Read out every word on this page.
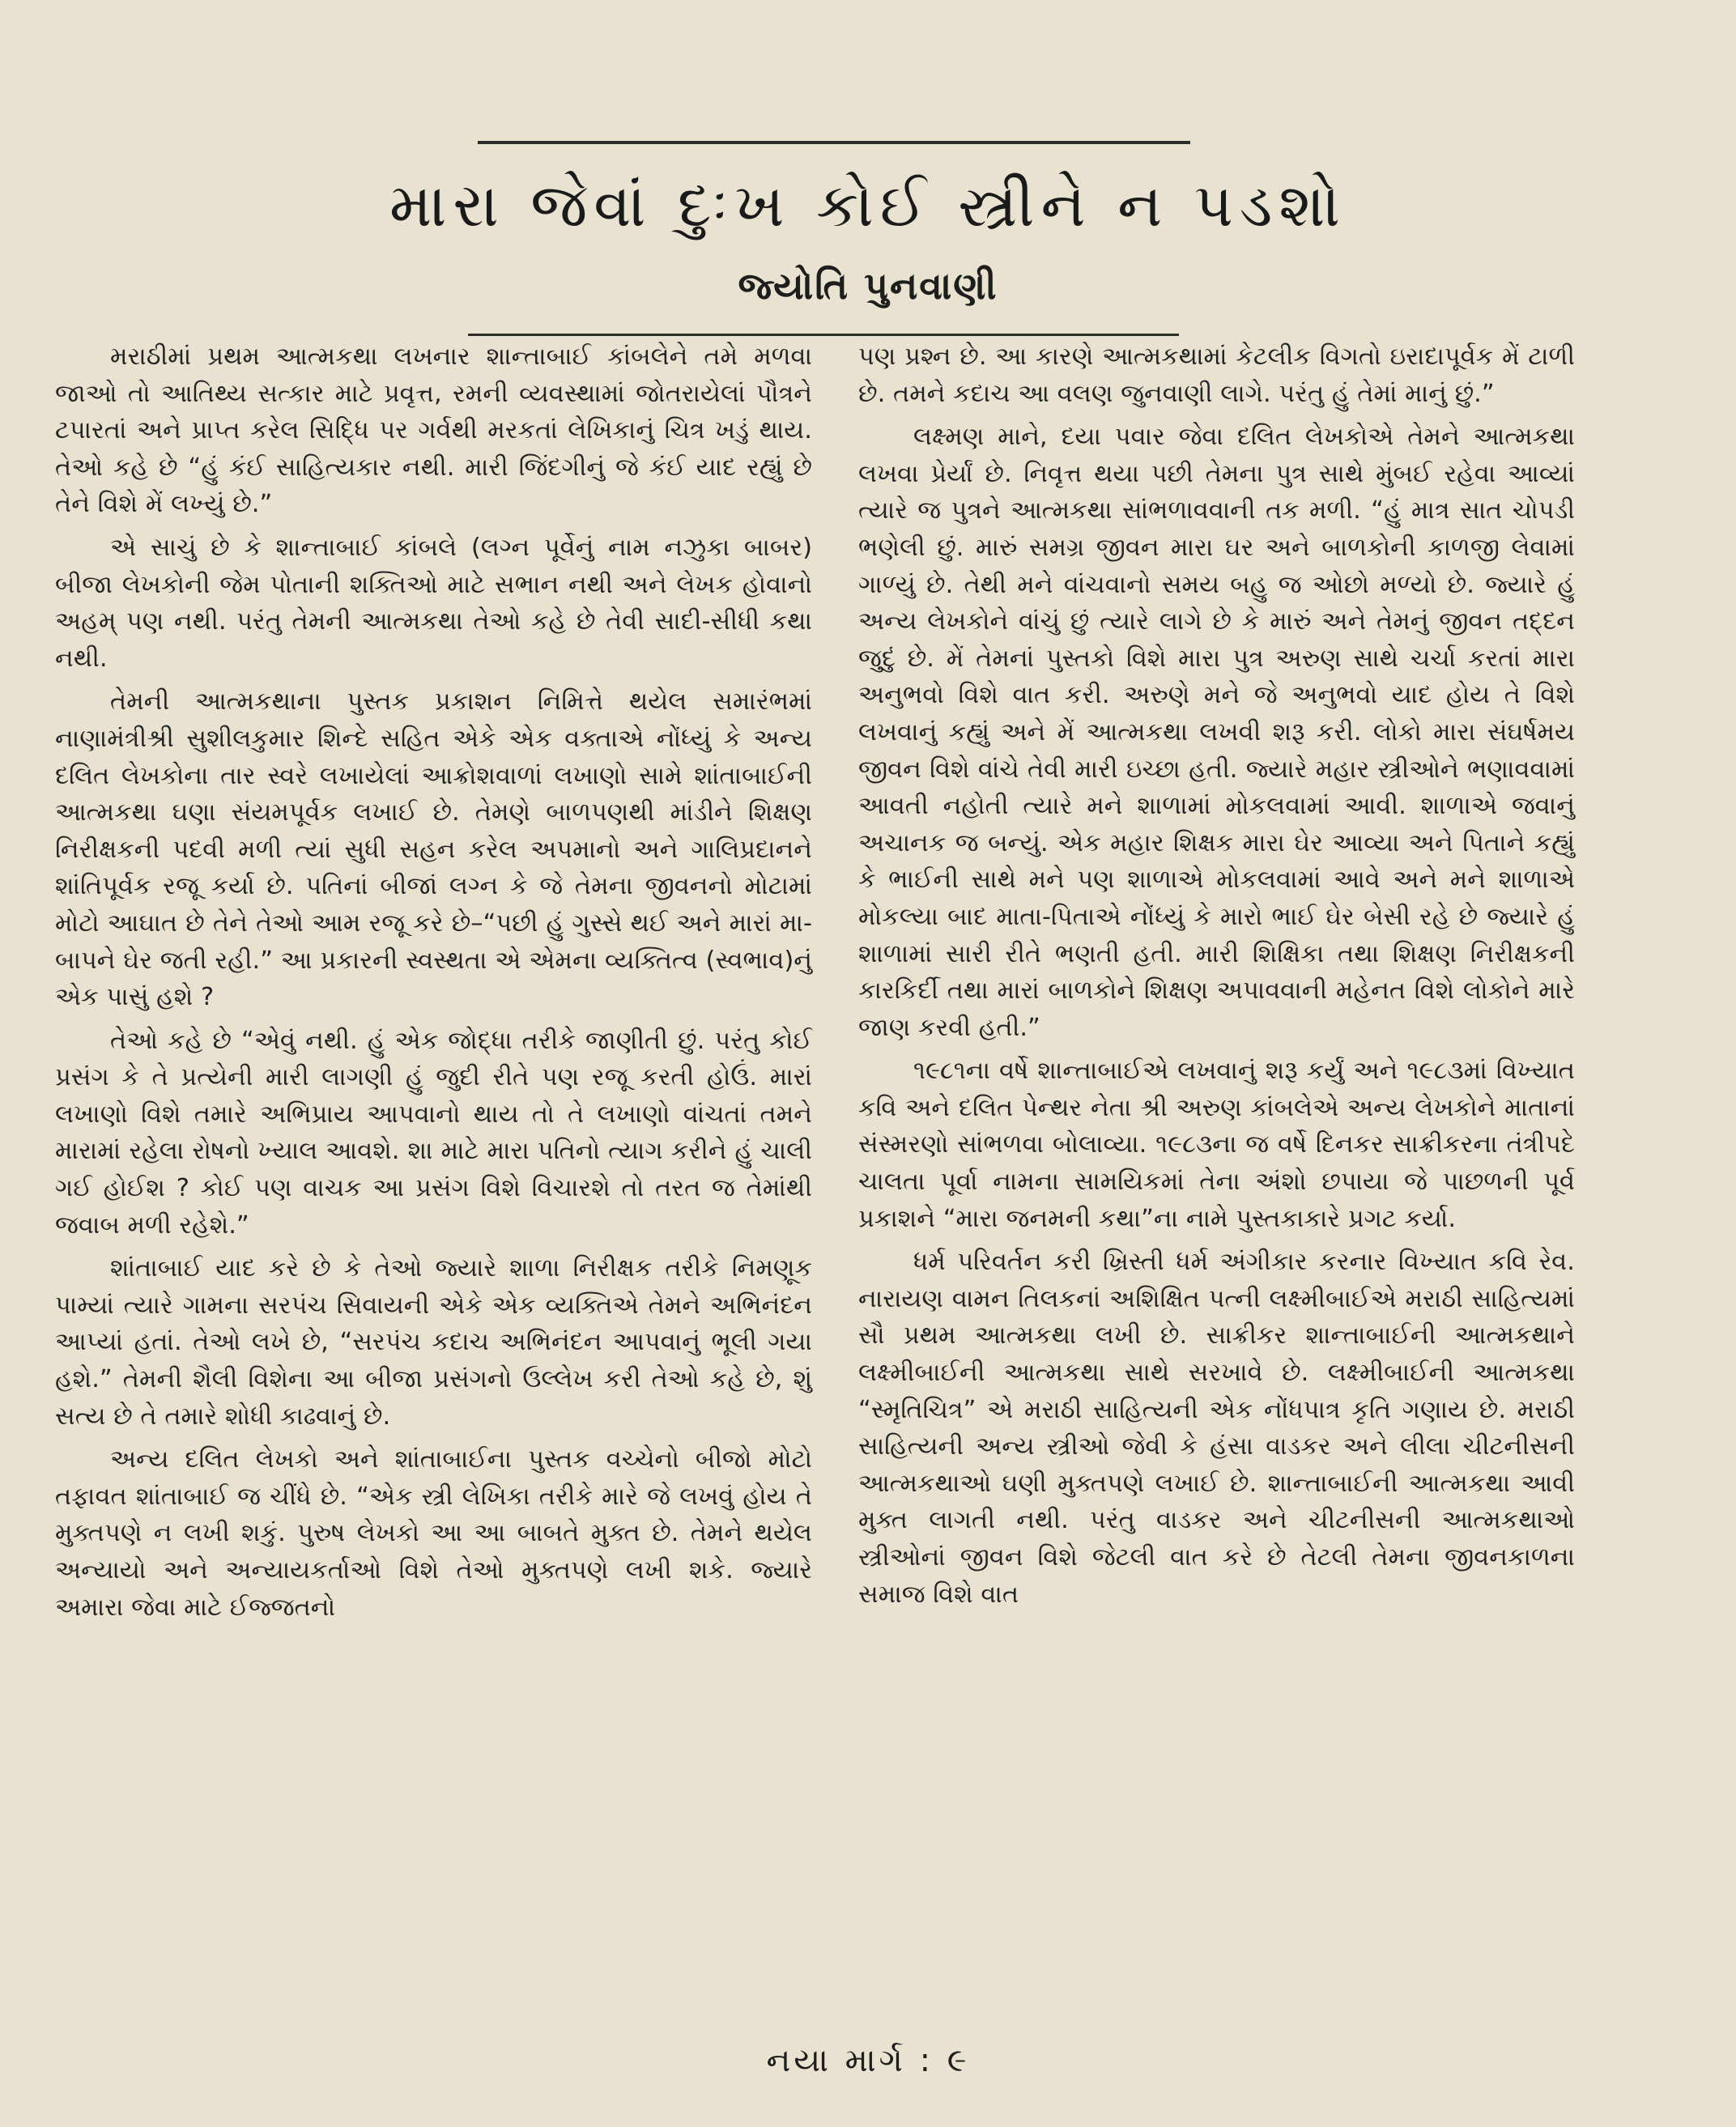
મારા જેવાં દુઃખ કોઈ સ્ત્રીને ન પડશો
જ્યોતિ પુનવાણી

મરાઠીમાં પ્રથમ આત્મકથા લખનાર શાન્તાબાઈ કાંબલેને તમે મળવા જાઓ તો આતિથ્ય સત્કાર માટે પ્રવૃત્ત, રમની વ્યવસ્થામાં જોતરાયેલાં પૌત્રને ટપારતાં અને પ્રાપ્ત કરેલ સિદ્ધિ પર ગર્વથી મરકતાં લેખિકાનું ચિત્ર ખડું થાય. તેઓ કહે છે “હું કંઈ સાહિત્યકાર નથી. મારી જિંદગીનું જે કંઈ યાદ રહ્યું છે તેને વિશે મેં લખ્યું છે.”

એ સાચું છે કે શાન્તાબાઈ કાંબલે (લગ્ન પૂર્વેનું નામ નઝુકા બાબર) બીજા લેખકોની જેમ પોતાની શક્તિઓ માટે સભાન નથી અને લેખક હોવાનો અહમ્ પણ નથી. પરંતુ તેમની આત્મકથા તેઓ કહે છે તેવી સાદી-સીધી કથા નથી.

તેમની આત્મકથાના પુસ્તક પ્રકાશન નિમિત્તે થયેલ સમારંભમાં નાણામંત્રીશ્રી સુશીલકુમાર શિન્દે સહિત એકે એક વક્તાએ નોંધ્યું કે અન્ય દલિત લેખકોના તાર સ્વરે લખાયેલાં આક્રોશવાળાં લખાણો સામે શાંતાબાઈની આત્મકથા ઘણા સંયમપૂર્વક લખાઈ છે. તેમણે બાળપણથી માંડીને શિક્ષણ નિરીક્ષકની પદવી મળી ત્યાં સુધી સહન કરેલ અપમાનો અને ગાલિપ્રદાનને શાંતિપૂર્વક રજૂ કર્યા છે. પતિનાં બીજાં લગ્ન કે જે તેમના જીવનનો મોટામાં મોટો આઘાત છે તેને તેઓ આમ રજૂ કરે છે–“પછી હું ગુસ્સે થઈ અને મારાં મા-બાપને ઘેર જતી રહી.” આ પ્રકારની સ્વસ્થતા એ એમના વ્યક્તિત્વ (સ્વભાવ)નું એક પાસું હશે ?

તેઓ કહે છે “એવું નથી. હું એક જોદ્ધા તરીકે જાણીતી છું. પરંતુ કોઈ પ્રસંગ કે તે પ્રત્યેની મારી લાગણી હું જુદી રીતે પણ રજૂ કરતી હોઉં. મારાં લખાણો વિશે તમારે અભિપ્રાય આપવાનો થાય તો તે લખાણો વાંચતાં તમને મારામાં રહેલા રોષનો ખ્યાલ આવશે. શા માટે મારા પતિનો ત્યાગ કરીને હું ચાલી ગઈ હોઈશ ? કોઈ પણ વાચક આ પ્રસંગ વિશે વિચારશે તો તરત જ તેમાંથી જવાબ મળી રહેશે.”

શાંતાબાઈ યાદ કરે છે કે તેઓ જ્યારે શાળા નિરીક્ષક તરીકે નિમણૂક પામ્યાં ત્યારે ગામના સરપંચ સિવાયની એકે એક વ્યક્તિએ તેમને અભિનંદન આપ્યાં હતાં. તેઓ લખે છે, “સરપંચ કદાચ અભિનંદન આપવાનું ભૂલી ગયા હશે.” તેમની શૈલી વિશેના આ બીજા પ્રસંગનો ઉલ્લેખ કરી તેઓ કહે છે, શું સત્ય છે તે તમારે શોધી કાઢવાનું છે.

અન્ય દલિત લેખકો અને શાંતાબાઈના પુસ્તક વચ્ચેનો બીજો મોટો તફાવત શાંતાબાઈ જ ચીંધે છે. “એક સ્ત્રી લેખિકા તરીકે મારે જે લખવું હોય તે મુક્તપણે ન લખી શકું. પુરુષ લેખકો આ આ બાબતે મુક્ત છે. તેમને થયેલ અન્યાયો અને અન્યાયકર્તાઓ વિશે તેઓ મુક્તપણે લખી શકે. જ્યારે અમારા જેવા માટે ઈજ્જતનો

પણ પ્રશ્ન છે. આ કારણે આત્મકથામાં કેટલીક વિગતો ઇરાદાપૂર્વક મેં ટાળી છે. તમને કદાચ આ વલણ જુનવાણી લાગે. પરંતુ હું તેમાં માનું છું.”

લક્ષ્મણ માને, દયા પવાર જેવા દલિત લેખકોએ તેમને આત્મકથા લખવા પ્રેર્યાં છે. નિવૃત્ત થયા પછી તેમના પુત્ર સાથે મુંબઈ રહેવા આવ્યાં ત્યારે જ પુત્રને આત્મકથા સાંભળાવવાની તક મળી. “હું માત્ર સાત ચોપડી ભણેલી છું. મારું સમગ્ર જીવન મારા ઘર અને બાળકોની કાળજી લેવામાં ગાળ્યું છે. તેથી મને વાંચવાનો સમય બહુ જ ઓછો મળ્યો છે. જ્યારે હું અન્ય લેખકોને વાંચું છું ત્યારે લાગે છે કે મારું અને તેમનું જીવન તદ્દન જુદું છે. મેં તેમનાં પુસ્તકો વિશે મારા પુત્ર અરુણ સાથે ચર્ચા કરતાં મારા અનુભવો વિશે વાત કરી. અરુણે મને જે અનુભવો યાદ હોય તે વિશે લખવાનું કહ્યું અને મેં આત્મકથા લખવી શરૂ કરી. લોકો મારા સંઘર્ષમય જીવન વિશે વાંચે તેવી મારી ઇચ્છા હતી. જ્યારે મહાર સ્ત્રીઓને ભણાવવામાં આવતી નહોતી ત્યારે મને શાળામાં મોકલવામાં આવી. શાળાએ જવાનું અચાનક જ બન્યું. એક મહાર શિક્ષક મારા ઘેર આવ્યા અને પિતાને કહ્યું કે ભાઈની સાથે મને પણ શાળાએ મોકલવામાં આવે અને મને શાળાએ મોકલ્યા બાદ માતા-પિતાએ નોંધ્યું કે મારો ભાઈ ઘેર બેસી રહે છે જ્યારે હું શાળામાં સારી રીતે ભણતી હતી. મારી શિક્ષિકા તથા શિક્ષણ નિરીક્ષકની કારકિર્દી તથા મારાં બાળકોને શિક્ષણ અપાવવાની મહેનત વિશે લોકોને મારે જાણ કરવી હતી.”

૧૯૮૧ના વર્ષે શાન્તાબાઈએ લખવાનું શરૂ કર્યું અને ૧૯૮૩માં વિખ્યાત કવિ અને દલિત પેન્થર નેતા શ્રી અરુણ કાંબલેએ અન્ય લેખકોને માતાનાં સંસ્મરણો સાંભળવા બોલાવ્યા. ૧૯૮૩ના જ વર્ષે દિનકર સાક્રીકરના તંત્રીપદે ચાલતા પૂર્વા નામના સામયિકમાં તેના અંશો છપાયા જે પાછળની પૂર્વ પ્રકાશને “મારા જનમની કથા”ના નામે પુસ્તકાકારે પ્રગટ કર્યા.

ધર્મ પરિવર્તન કરી ખ્રિસ્તી ધર્મ અંગીકાર કરનાર વિખ્યાત કવિ રેવ. નારાયણ વામન તિલકનાં અશિક્ષિત પત્ની લક્ષ્મીબાઈએ મરાઠી સાહિત્યમાં સૌ પ્રથમ આત્મકથા લખી છે. સાક્રીકર શાન્તાબાઈની આત્મકથાને લક્ષ્મીબાઈની આત્મકથા સાથે સરખાવે છે. લક્ષ્મીબાઈની આત્મકથા “સ્મૃતિચિત્ર” એ મરાઠી સાહિત્યની એક નોંધપાત્ર કૃતિ ગણાય છે. મરાઠી સાહિત્યની અન્ય સ્ત્રીઓ જેવી કે હંસા વાડકર અને લીલા ચીટનીસની આત્મકથાઓ ઘણી મુક્તપણે લખાઈ છે. શાન્તાબાઈની આત્મકથા આવી મુક્ત લાગતી નથી. પરંતુ વાડકર અને ચીટનીસની આત્મકથાઓ સ્ત્રીઓનાં જીવન વિશે જેટલી વાત કરે છે તેટલી તેમના જીવનકાળના સમાજ વિશે વાત

નયા માર્ગ : ૯
